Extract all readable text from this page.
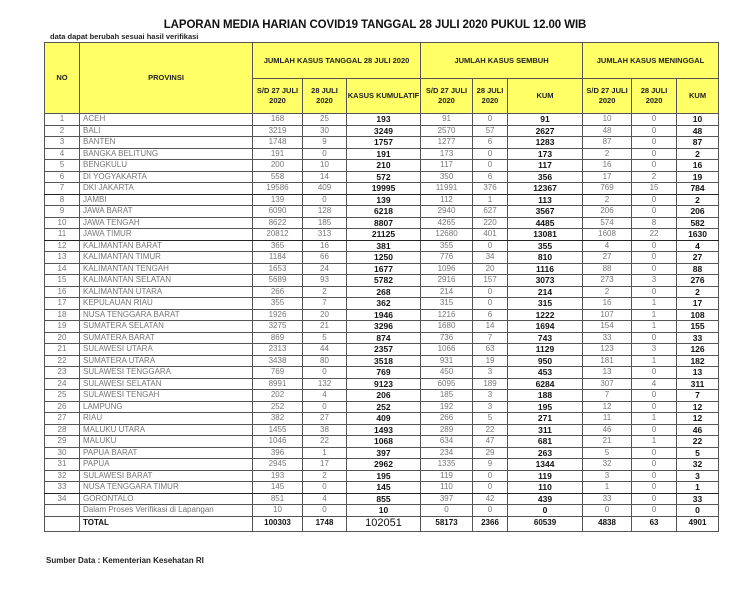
LAPORAN MEDIA HARIAN COVID19 TANGGAL 28 JULI 2020 PUKUL 12.00 WIB
data dapat berubah sesuai hasil verifikasi
NO	PROVINSI	JUMLAH KASUS TANGGAL 28 JULI 2020			JUMLAH KASUS SEMBUH			JUMLAH KASUS MENINGGAL		
		S/D 27 JULI 2020	28 JULI 2020	KASUS KUMULATIF	S/D 27 JULI 2020	28 JULI 2020	KUM	S/D 27 JULI 2020	28 JULI 2020	KUM
1	ACEH	168	25	193	91	0	91	10	0	10
2	BALI	3219	30	3249	2570	57	2627	48	0	48
3	BANTEN	1748	9	1757	1277	6	1283	87	0	87
4	BANGKA BELITUNG	191	0	191	173	0	173	2	0	2
5	BENGKULU	200	10	210	117	0	117	16	0	16
6	DI YOGYAKARTA	558	14	572	350	6	356	17	2	19
7	DKI JAKARTA	19586	409	19995	11991	376	12367	769	15	784
8	JAMBI	139	0	139	112	1	113	2	0	2
9	JAWA BARAT	6090	128	6218	2940	627	3567	206	0	206
10	JAWA TENGAH	8622	185	8807	4265	220	4485	574	8	582
11	JAWA TIMUR	20812	313	21125	12680	401	13081	1608	22	1630
12	KALIMANTAN BARAT	365	16	381	355	0	355	4	0	4
13	KALIMANTAN TIMUR	1184	66	1250	776	34	810	27	0	27
14	KALIMANTAN TENGAH	1653	24	1677	1096	20	1116	88	0	88
15	KALIMANTAN SELATAN	5689	93	5782	2916	157	3073	273	3	276
16	KALIMANTAN UTARA	266	2	268	214	0	214	2	0	2
17	KEPULAUAN RIAU	355	7	362	315	0	315	16	1	17
18	NUSA TENGGARA BARAT	1926	20	1946	1216	6	1222	107	1	108
19	SUMATERA SELATAN	3275	21	3296	1680	14	1694	154	1	155
20	SUMATERA BARAT	869	5	874	736	7	743	33	0	33
21	SULAWESI UTARA	2313	44	2357	1066	63	1129	123	3	126
22	SUMATERA UTARA	3438	80	3518	931	19	950	181	1	182
23	SULAWESI TENGGARA	769	0	769	450	3	453	13	0	13
24	SULAWESI SELATAN	8991	132	9123	6095	189	6284	307	4	311
25	SULAWESI TENGAH	202	4	206	185	3	188	7	0	7
26	LAMPUNG	252	0	252	192	3	195	12	0	12
27	RIAU	382	27	409	266	5	271	11	1	12
28	MALUKU UTARA	1455	38	1493	289	22	311	46	0	46
29	MALUKU	1046	22	1068	634	47	681	21	1	22
30	PAPUA BARAT	396	1	397	234	29	263	5	0	5
31	PAPUA	2945	17	2962	1335	9	1344	32	0	32
32	SULAWESI BARAT	193	2	195	119	0	119	3	0	3
33	NUSA TENGGARA TIMUR	145	0	145	110	0	110	1	0	1
34	GORONTALO	851	4	855	397	42	439	33	0	33
	Dalam Proses Verifikasi di Lapangan	10	0	10	0	0	0	0	0	0
	TOTAL	100303	1748	102051	58173	2366	60539	4838	63	4901
Sumber Data : Kementerian Kesehatan RI
